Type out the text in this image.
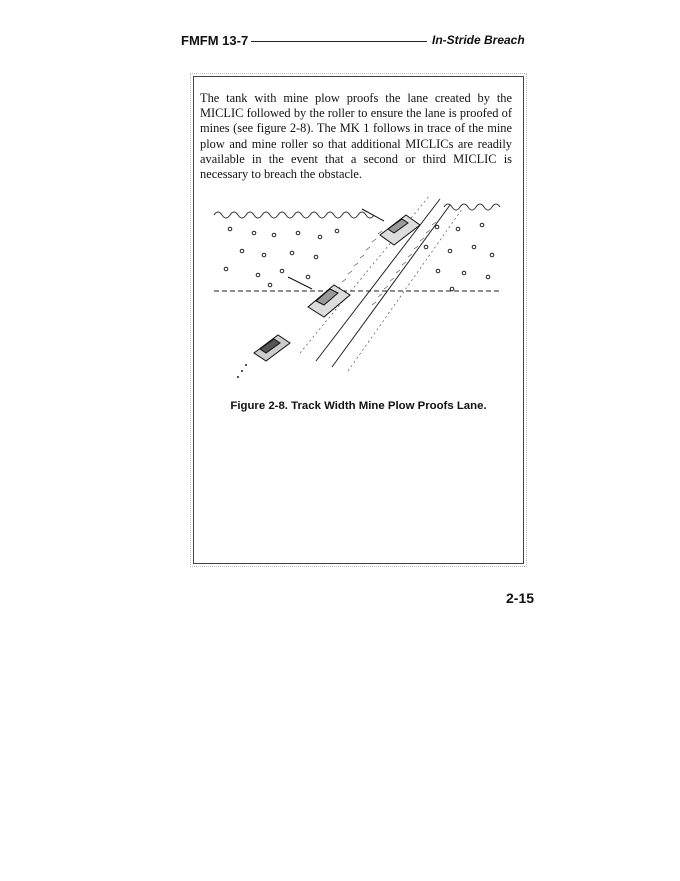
FMFM 13-7	In-Stride Breach

The tank with mine plow proofs the lane created by the MICLIC followed by the roller to ensure the lane is proofed of mines (see figure 2-8). The MK 1 follows in trace of the mine plow and mine roller so that additional MICLICs are readily available in the event that a second or third MICLIC is necessary to breach the obstacle.

Figure 2-8. Track Width Mine Plow Proofs Lane.
2-15
